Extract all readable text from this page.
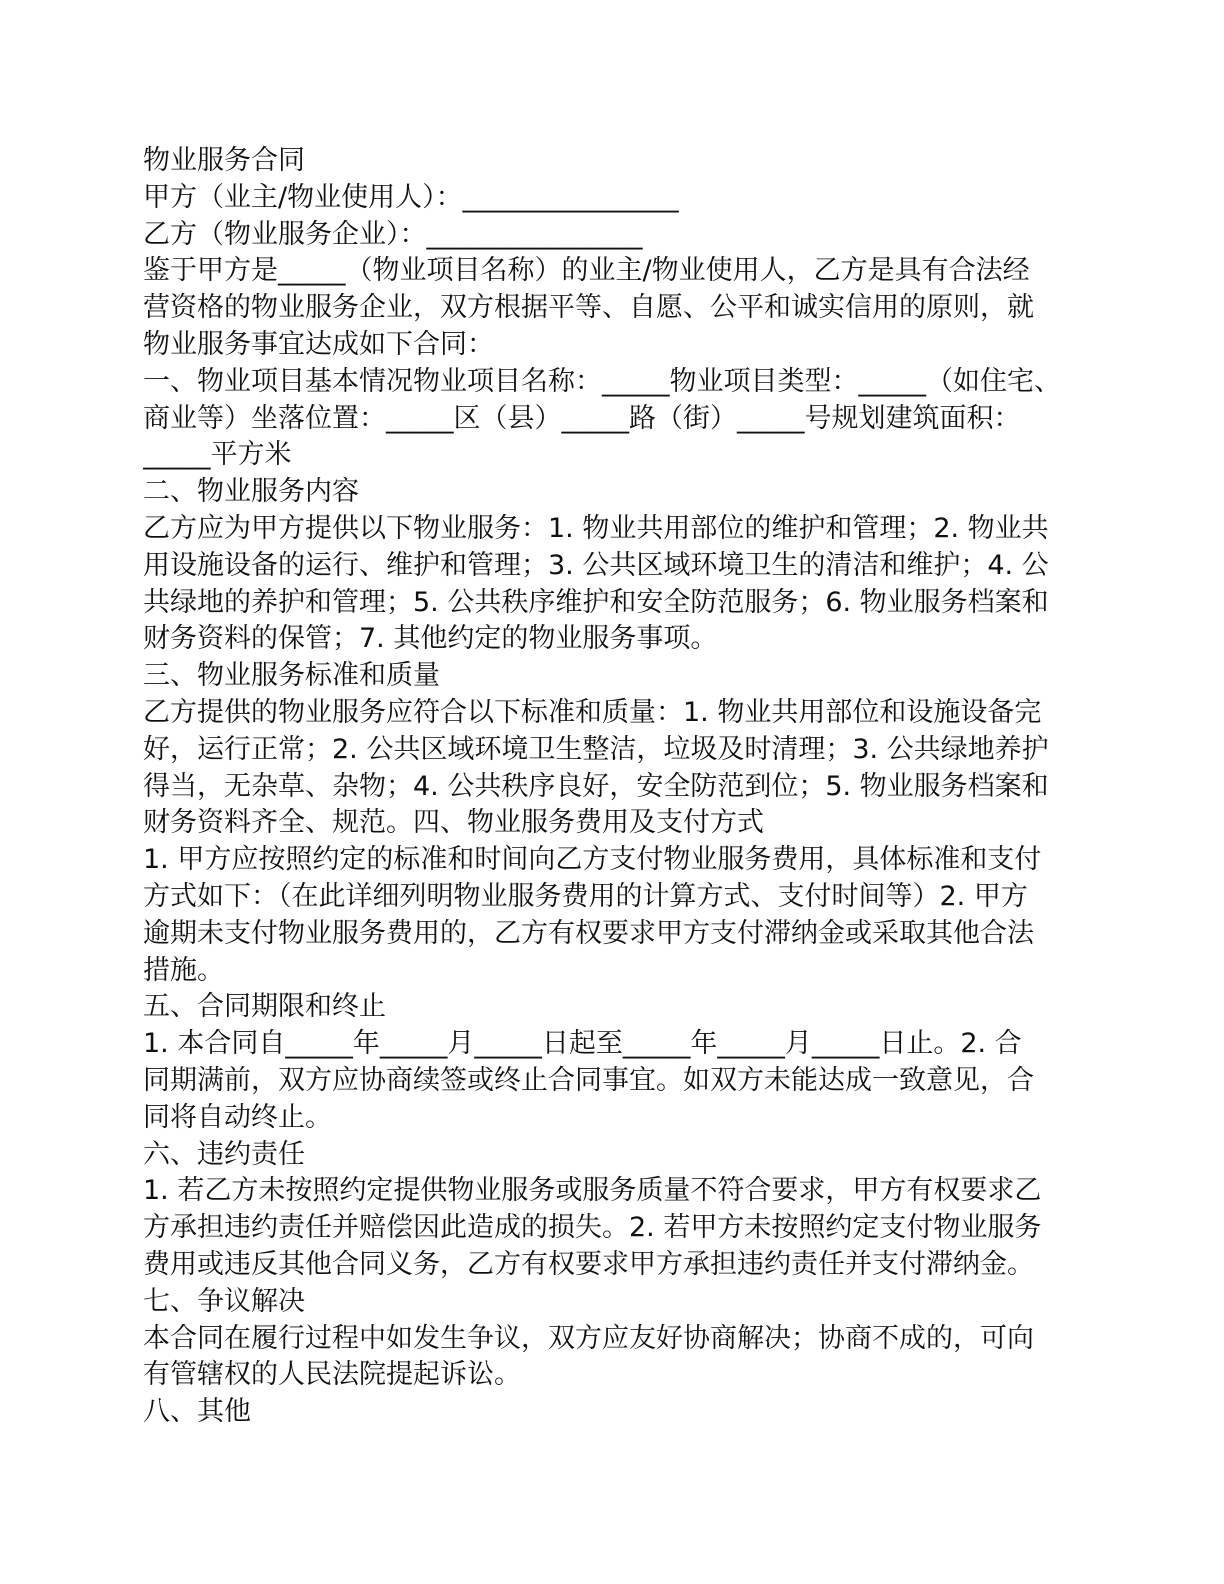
物业服务合同
甲方（业主/物业使用人）：________________
乙方（物业服务企业）：________________
鉴于甲方是_____（物业项目名称）的业主/物业使用人，乙方是具有合法经
营资格的物业服务企业，双方根据平等、自愿、公平和诚实信用的原则，就
物业服务事宜达成如下合同：
一、物业项目基本情况物业项目名称：_____物业项目类型：_____（如住宅、
商业等）坐落位置：_____区（县）_____路（街）_____号规划建筑面积：
_____平方米
二、物业服务内容
乙方应为甲方提供以下物业服务：1. 物业共用部位的维护和管理；2. 物业共
用设施设备的运行、维护和管理；3. 公共区域环境卫生的清洁和维护；4. 公
共绿地的养护和管理；5. 公共秩序维护和安全防范服务；6. 物业服务档案和
财务资料的保管；7. 其他约定的物业服务事项。
三、物业服务标准和质量
乙方提供的物业服务应符合以下标准和质量：1. 物业共用部位和设施设备完
好，运行正常；2. 公共区域环境卫生整洁，垃圾及时清理；3. 公共绿地养护
得当，无杂草、杂物；4. 公共秩序良好，安全防范到位；5. 物业服务档案和
财务资料齐全、规范。四、物业服务费用及支付方式
1. 甲方应按照约定的标准和时间向乙方支付物业服务费用，具体标准和支付
方式如下：（在此详细列明物业服务费用的计算方式、支付时间等）2. 甲方
逾期未支付物业服务费用的，乙方有权要求甲方支付滞纳金或采取其他合法
措施。
五、合同期限和终止
1. 本合同自_____年_____月_____日起至_____年_____月_____日止。2. 合
同期满前，双方应协商续签或终止合同事宜。如双方未能达成一致意见，合
同将自动终止。
六、违约责任
1. 若乙方未按照约定提供物业服务或服务质量不符合要求，甲方有权要求乙
方承担违约责任并赔偿因此造成的损失。2. 若甲方未按照约定支付物业服务
费用或违反其他合同义务，乙方有权要求甲方承担违约责任并支付滞纳金。
七、争议解决
本合同在履行过程中如发生争议，双方应友好协商解决；协商不成的，可向
有管辖权的人民法院提起诉讼。
八、其他
